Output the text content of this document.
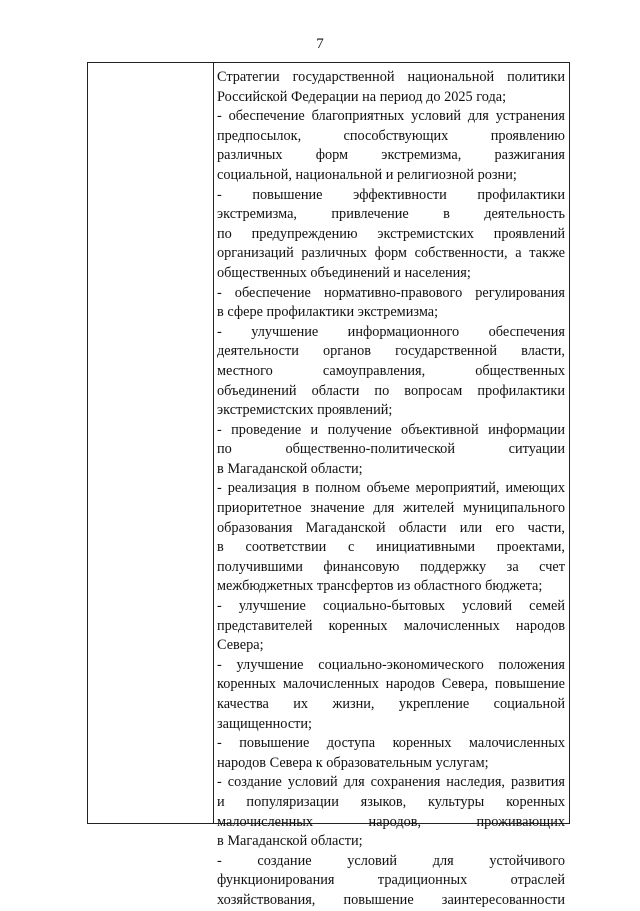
7
Стратегии государственной национальной политики
Российской Федерации на период до 2025 года;
- обеспечение благоприятных условий для устранения
предпосылок, способствующих проявлению
различных форм экстремизма, разжигания
социальной, национальной и религиозной розни;
- повышение эффективности профилактики
экстремизма, привлечение в деятельность
по предупреждению экстремистских проявлений
организаций различных форм собственности, а также
общественных объединений и населения;
- обеспечение нормативно-правового регулирования
в сфере профилактики экстремизма;
- улучшение информационного обеспечения
деятельности органов государственной власти,
местного самоуправления, общественных
объединений области по вопросам профилактики
экстремистских проявлений;
- проведение и получение объективной информации
по общественно-политической ситуации
в Магаданской области;
- реализация в полном объеме мероприятий, имеющих
приоритетное значение для жителей муниципального
образования Магаданской области или его части,
в соответствии с инициативными проектами,
получившими финансовую поддержку за счет
межбюджетных трансфертов из областного бюджета;
- улучшение социально-бытовых условий семей
представителей коренных малочисленных народов
Севера;
- улучшение социально-экономического положения
коренных малочисленных народов Севера, повышение
качества их жизни, укрепление социальной
защищенности;
- повышение доступа коренных малочисленных
народов Севера к образовательным услугам;
- создание условий для сохранения наследия, развития
и популяризации языков, культуры коренных
малочисленных народов, проживающих
в Магаданской области;
- создание условий для устойчивого
функционирования традиционных отраслей
хозяйствования, повышение заинтересованности
